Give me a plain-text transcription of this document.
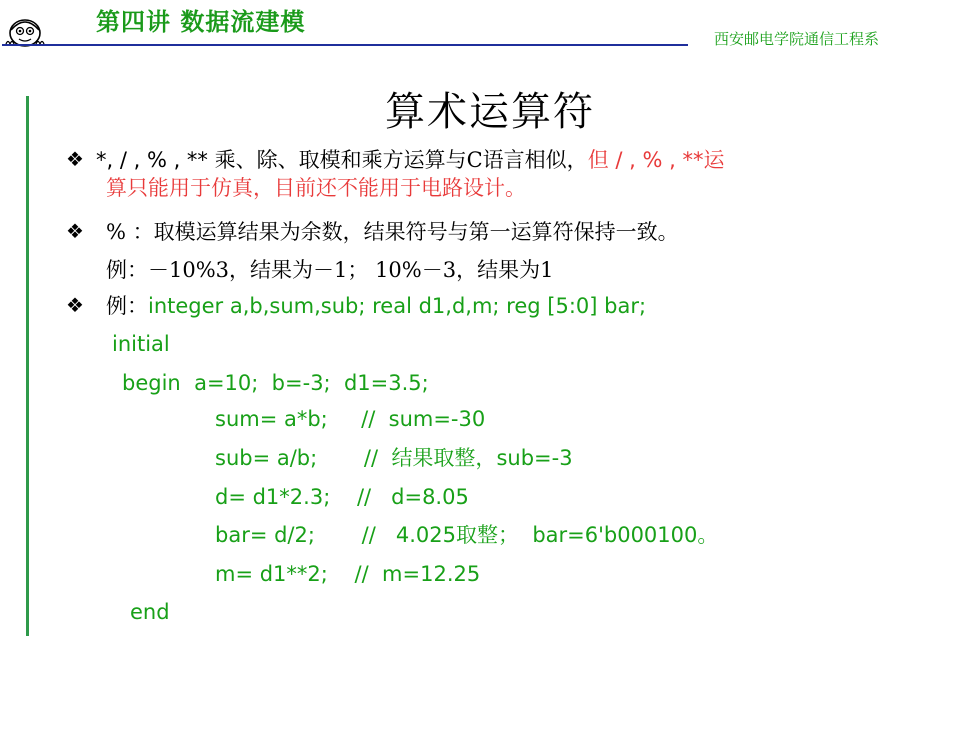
第四讲 数据流建模
西安邮电学院通信工程系
算术运算符
❖ *, / , % , ** 乘、除、取模和乘方运算与C语言相似，但 / , % , **运
算只能用于仿真，目前还不能用于电路设计。
❖ % ：取模运算结果为余数，结果符号与第一运算符保持一致。
例：－10%3，结果为－1； 10%－3，结果为1
❖ 例：integer a,b,sum,sub; real d1,d,m; reg [5:0] bar;
initial
begin  a=10;  b=-3;  d1=3.5;
sum= a*b;     //  sum=-30
sub= a/b;       //  结果取整，sub=-3
d= d1*2.3;    //   d=8.05
bar= d/2;       //   4.025取整；  bar=6'b000100。
m= d1**2;    //  m=12.25
end
